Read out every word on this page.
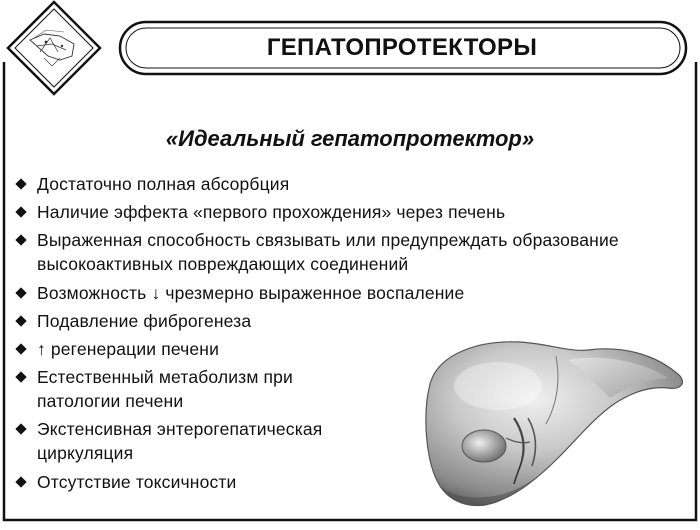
ГЕПАТОПРОТЕКТОРЫ
«Идеальный гепатопротектор»
Достаточно полная абсорбция
Наличие эффекта «первого прохождения» через печень
Выраженная способность связывать или предупреждать образование высокоактивных повреждающих соединений
Возможность ↓ чрезмерно выраженное воспаление
Подавление фиброгенеза
↑ регенерации печени
Естественный метаболизм при патологии печени
Экстенсивная энтерогепатическая циркуляция
Отсутствие токсичности
